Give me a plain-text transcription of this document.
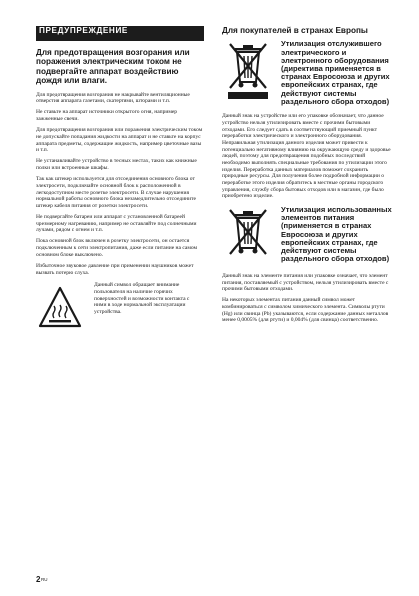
ПРЕДУПРЕЖДЕНИЕ

Для предотвращения возгорания или поражения электрическим током не подвергайте аппарат воздействию дождя или влаги.

Для предотвращения возгорания не накрывайте вентиляционные отверстия аппарата газетами, скатертями, шторами и т.п.

Не ставьте на аппарат источники открытого огня, например зажженные свечи.

Для предотвращения возгорания или поражения электрическим током не допускайте попадания жидкости на аппарат и не ставьте на корпус аппарата предметы, содержащие жидкость, например цветочные вазы и т.п.

Не устанавливайте устройство в тесных местах, таких как книжные полки или встроенные шкафы.

Так как штекер используется для отсоединения основного блока от электросети, подключайте основной блок к расположенной в легкодоступном месте розетке электросети. В случае нарушения нормальной работы основного блока незамедлительно отсоедините штекер кабеля питания от розетки электросети.

Не подвергайте батареи или аппарат с установленной батареей чрезмерному нагреванию, например не оставляйте под солнечными лучами, рядом с огнем и т.п.

Пока основной блок включен в розетку электросети, он остается подключенным к сети электропитания, даже если питание на самом основном блоке выключено.

Избыточное звуковое давление при применении наушников может вызвать потерю слуха.

Данный символ обращает внимание пользователя на наличие горячих поверхностей и возможности контакта с ними в ходе нормальной эксплуатации устройства.
Для покупателей в странах Европы
Утилизация отслужившего электрического и электронного оборудования (директива применяется в странах Евросоюза и других европейских странах, где действуют системы раздельного сбора отходов)

Данный знак на устройстве или его упаковке обозначает, что данное устройство нельзя утилизировать вместе с прочими бытовыми отходами. Его следует сдать в соответствующий приемный пункт переработки электрического и электронного оборудования. Неправильная утилизация данного изделия может привести к потенциально негативному влиянию на окружающую среду и здоровье людей, поэтому для предотвращения подобных последствий необходимо выполнять специальные требования по утилизации этого изделия. Переработка данных материалов поможет сохранить природные ресурсы. Для получения более подробной информации о переработке этого изделия обратитесь в местные органы городского управления, службу сбора бытовых отходов или в магазин, где было приобретено изделие.

Утилизация использованных элементов питания (применяется в странах Евросоюза и других европейских странах, где действуют системы раздельного сбора отходов)

Данный знак на элементе питания или упаковке означает, что элемент питания, поставляемый с устройством, нельзя утилизировать вместе с прочими бытовыми отходами.

На некоторых элементах питания данный символ может комбинироваться с символом химического элемента. Символы ртути (Hg) или свинца (Pb) указываются, если содержание данных металлов менее 0,0005% (для ртути) и 0,004% (для свинца) соответственно.

$2^{RU}$
